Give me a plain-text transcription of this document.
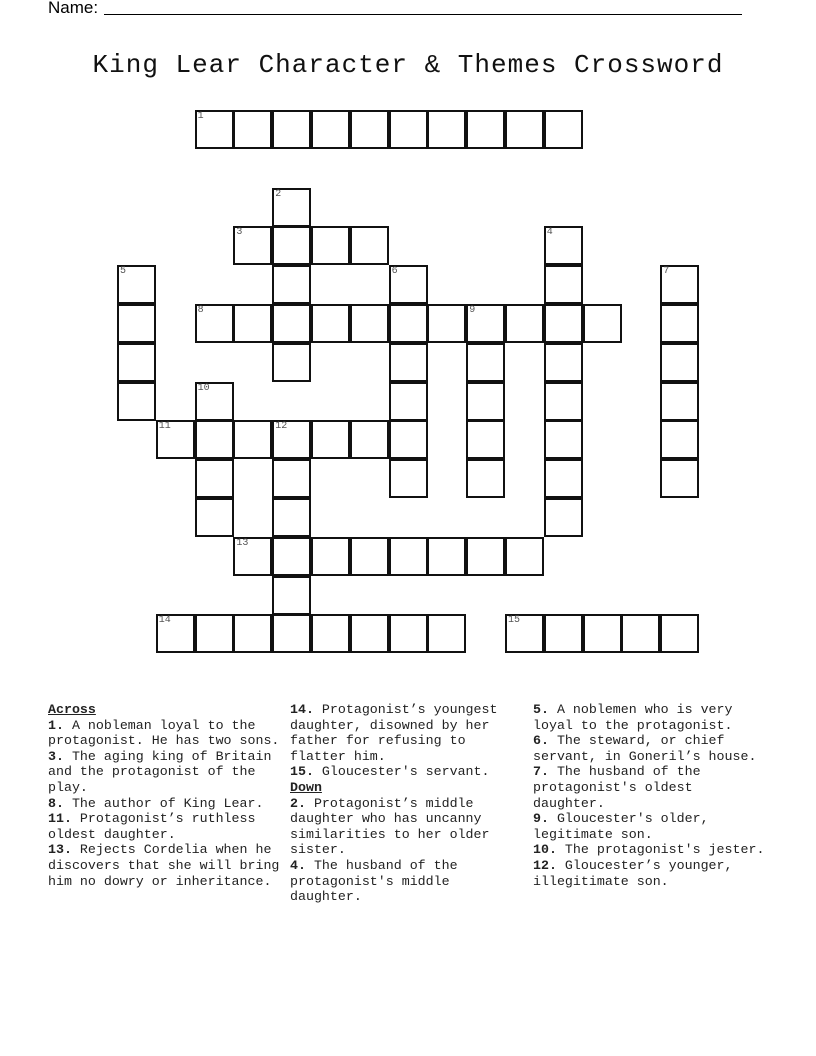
Name:
King Lear Character & Themes Crossword
1
3
8	9
11	12
13
14	15
2
4
5	6	7
10
Across
1. A nobleman loyal to the protagonist. He has two sons.
3. The aging king of Britain and the protagonist of the play.
8. The author of King Lear.
11. Protagonist’s ruthless oldest daughter.
13. Rejects Cordelia when he discovers that she will bring him no dowry or inheritance.
14. Protagonist’s youngest daughter, disowned by her father for refusing to flatter him.
15. Gloucester's servant.
Down
2. Protagonist’s middle daughter who has uncanny similarities to her older sister.
4. The husband of the protagonist's middle daughter.
5. A noblemen who is very loyal to the protagonist.
6. The steward, or chief servant, in Goneril’s house.
7. The husband of the protagonist's oldest daughter.
9. Gloucester's older, legitimate son.
10. The protagonist's jester.
12. Gloucester’s younger, illegitimate son.
